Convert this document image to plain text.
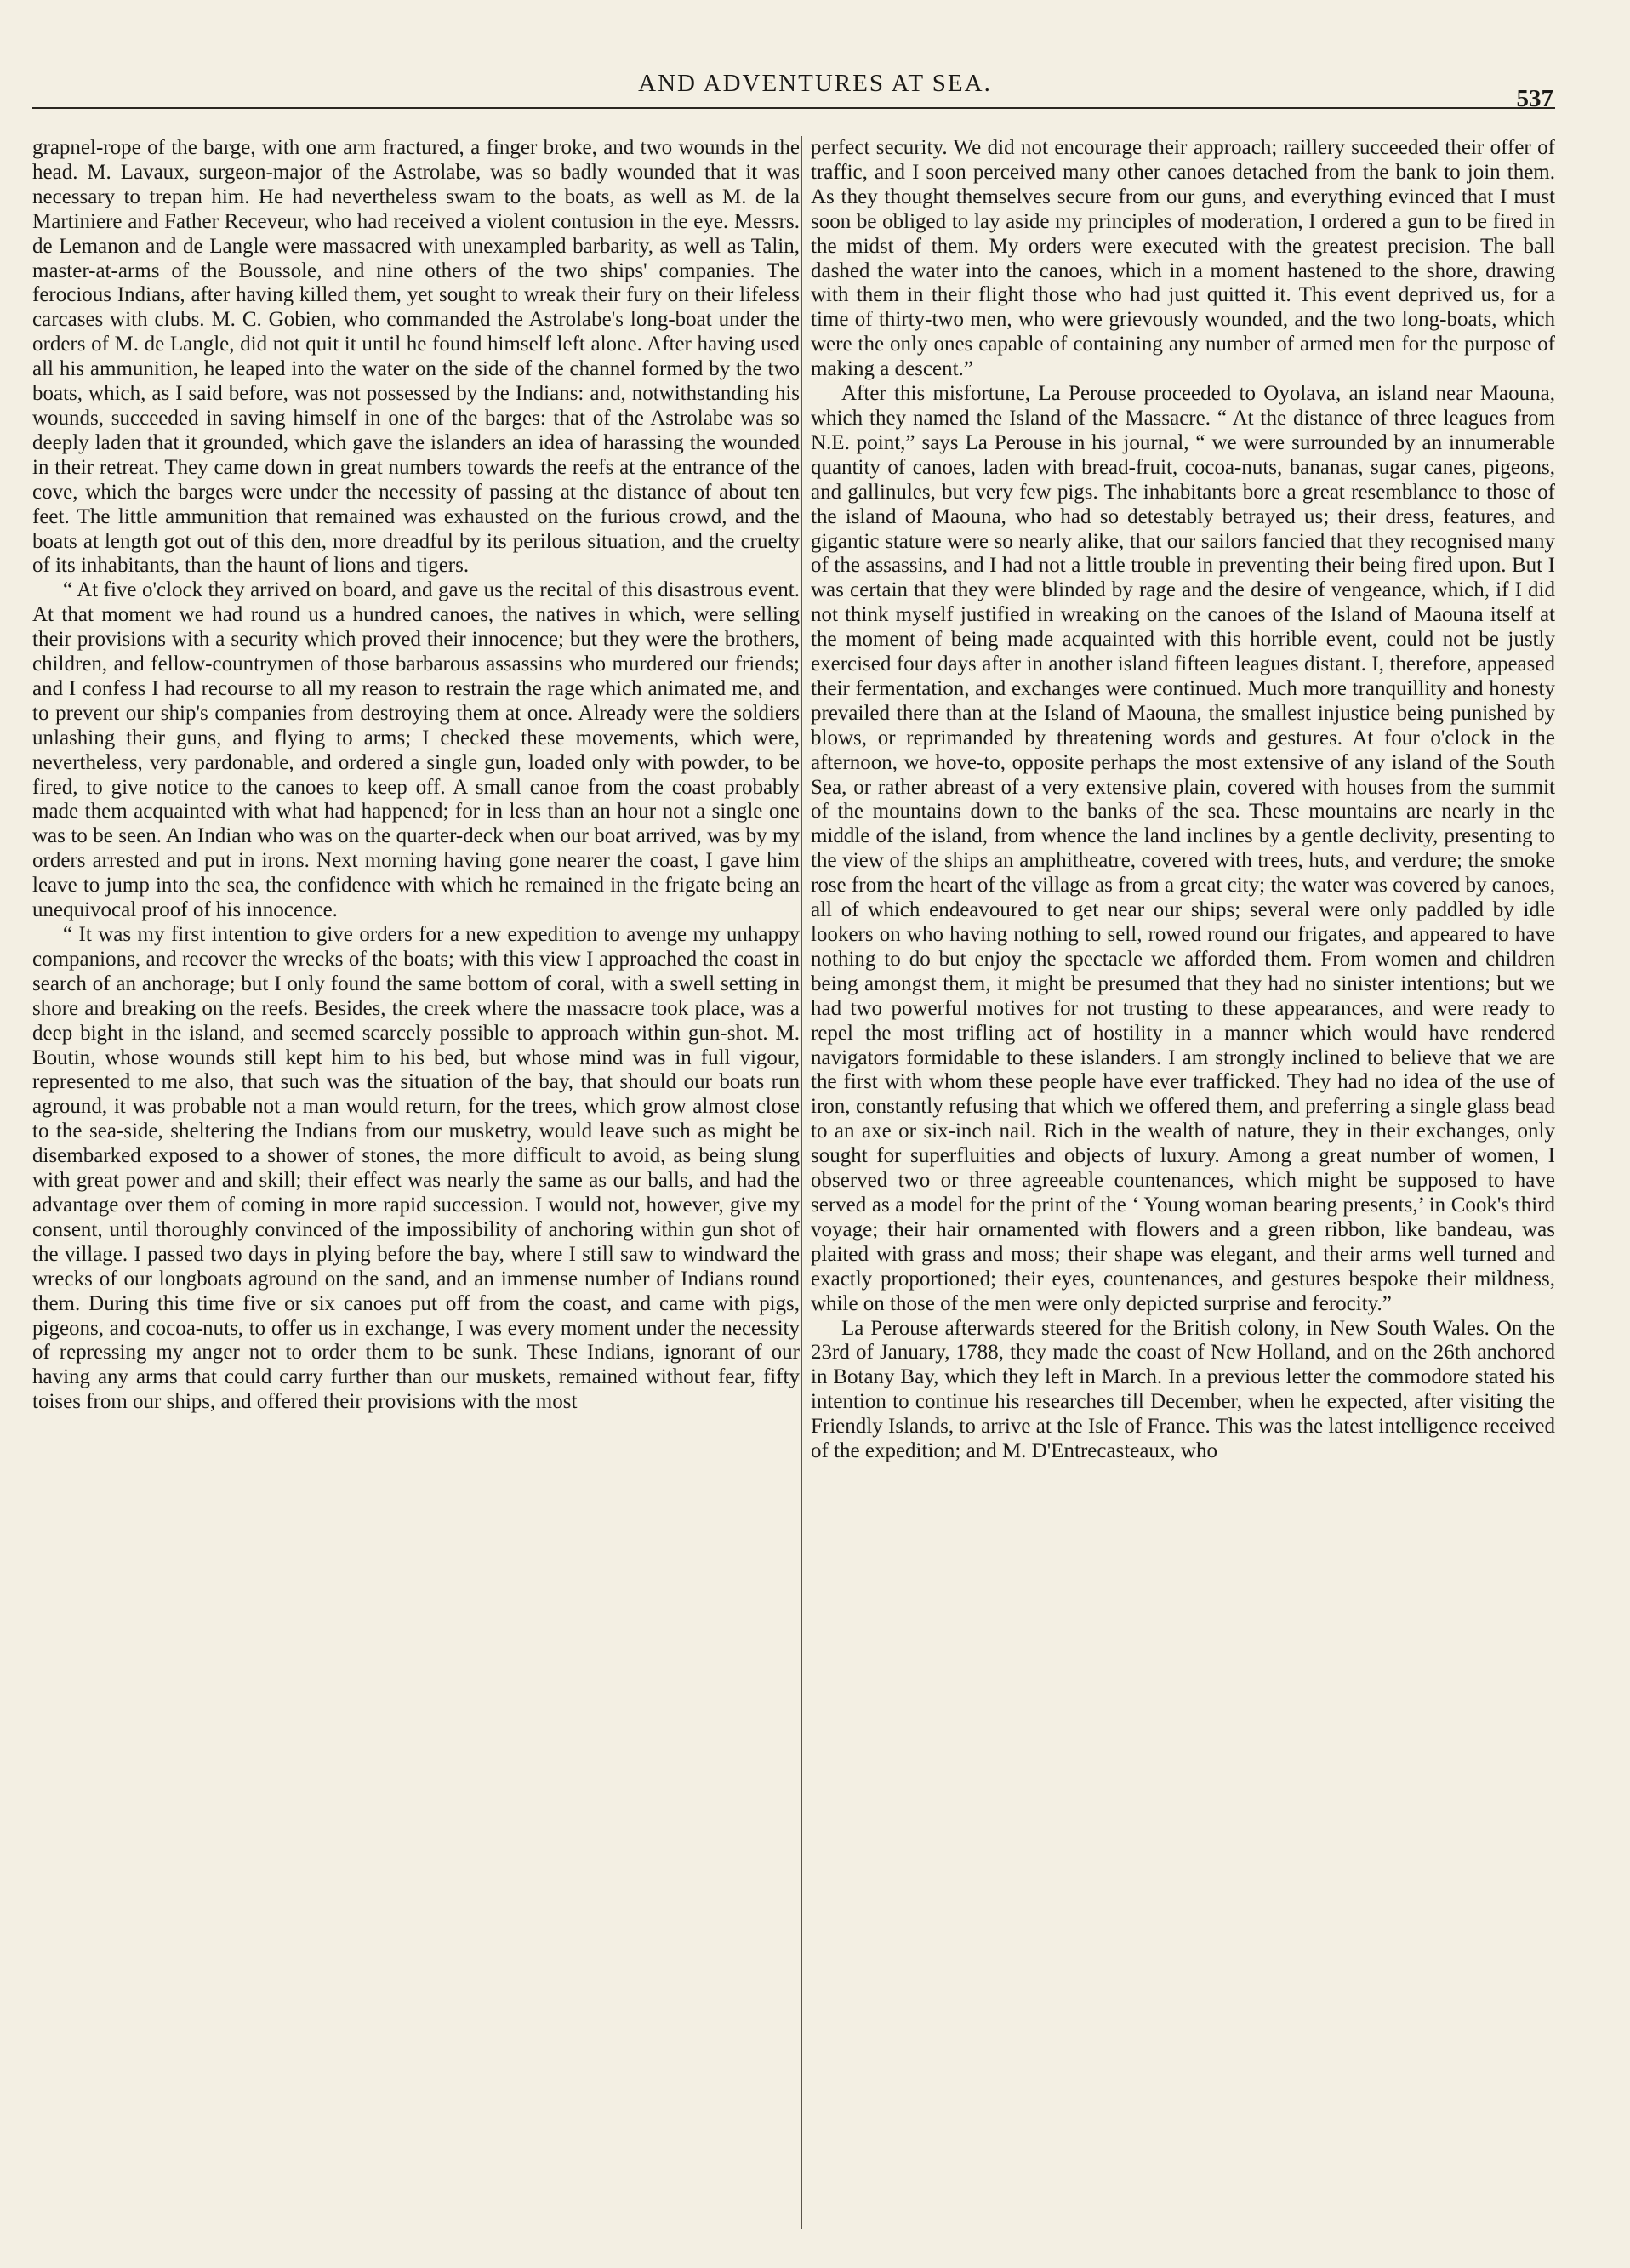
AND ADVENTURES AT SEA.
537

grapnel-rope of the barge, with one arm fractured, a finger broke, and two wounds in the head. M. Lavaux, surgeon-major of the Astrolabe, was so badly wounded that it was necessary to trepan him. He had nevertheless swam to the boats, as well as M. de la Martiniere and Father Receveur, who had received a violent contusion in the eye. Messrs. de Lemanon and de Langle were massacred with unexampled barbarity, as well as Talin, master-at-arms of the Boussole, and nine others of the two ships' companies. The ferocious Indians, after having killed them, yet sought to wreak their fury on their lifeless carcases with clubs. M. C. Gobien, who commanded the Astrolabe's long-boat under the orders of M. de Langle, did not quit it until he found himself left alone. After having used all his ammunition, he leaped into the water on the side of the channel formed by the two boats, which, as I said before, was not possessed by the Indians: and, notwithstanding his wounds, succeeded in saving himself in one of the barges: that of the Astrolabe was so deeply laden that it grounded, which gave the islanders an idea of harassing the wounded in their retreat. They came down in great numbers towards the reefs at the entrance of the cove, which the barges were under the necessity of passing at the distance of about ten feet. The little ammunition that remained was exhausted on the furious crowd, and the boats at length got out of this den, more dreadful by its perilous situation, and the cruelty of its inhabitants, than the haunt of lions and tigers.

“ At five o'clock they arrived on board, and gave us the recital of this disastrous event. At that moment we had round us a hundred canoes, the natives in which, were selling their provisions with a security which proved their innocence; but they were the brothers, children, and fellow-countrymen of those barbarous assassins who murdered our friends; and I confess I had recourse to all my reason to restrain the rage which animated me, and to prevent our ship's companies from destroying them at once. Already were the soldiers unlashing their guns, and flying to arms; I checked these movements, which were, nevertheless, very pardonable, and ordered a single gun, loaded only with powder, to be fired, to give notice to the canoes to keep off. A small canoe from the coast probably made them acquainted with what had happened; for in less than an hour not a single one was to be seen. An Indian who was on the quarter-deck when our boat arrived, was by my orders arrested and put in irons. Next morning having gone nearer the coast, I gave him leave to jump into the sea, the confidence with which he remained in the frigate being an unequivocal proof of his innocence.

“ It was my first intention to give orders for a new expedition to avenge my unhappy companions, and recover the wrecks of the boats; with this view I approached the coast in search of an anchorage; but I only found the same bottom of coral, with a swell setting in shore and breaking on the reefs. Besides, the creek where the massacre took place, was a deep bight in the island, and seemed scarcely possible to approach within gun-shot. M. Boutin, whose wounds still kept him to his bed, but whose mind was in full vigour, represented to me also, that such was the situation of the bay, that should our boats run aground, it was probable not a man would return, for the trees, which grow almost close to the sea-side, sheltering the Indians from our musketry, would leave such as might be disembarked exposed to a shower of stones, the more difficult to avoid, as being slung with great power and and skill; their effect was nearly the same as our balls, and had the advantage over them of coming in more rapid succession. I would not, however, give my consent, until thoroughly convinced of the impossibility of anchoring within gun shot of the village. I passed two days in plying before the bay, where I still saw to windward the wrecks of our longboats aground on the sand, and an immense number of Indians round them. During this time five or six canoes put off from the coast, and came with pigs, pigeons, and cocoa-nuts, to offer us in exchange, I was every moment under the necessity of repressing my anger not to order them to be sunk. These Indians, ignorant of our having any arms that could carry further than our muskets, remained without fear, fifty toises from our ships, and offered their provisions with the most

perfect security. We did not encourage their approach; raillery succeeded their offer of traffic, and I soon perceived many other canoes detached from the bank to join them. As they thought themselves secure from our guns, and everything evinced that I must soon be obliged to lay aside my principles of moderation, I ordered a gun to be fired in the midst of them. My orders were executed with the greatest precision. The ball dashed the water into the canoes, which in a moment hastened to the shore, drawing with them in their flight those who had just quitted it. This event deprived us, for a time of thirty-two men, who were grievously wounded, and the two long-boats, which were the only ones capable of containing any number of armed men for the purpose of making a descent.”

After this misfortune, La Perouse proceeded to Oyolava, an island near Maouna, which they named the Island of the Massacre. “ At the distance of three leagues from N.E. point,” says La Perouse in his journal, “ we were surrounded by an innumerable quantity of canoes, laden with bread-fruit, cocoa-nuts, bananas, sugar canes, pigeons, and gallinules, but very few pigs. The inhabitants bore a great resemblance to those of the island of Maouna, who had so detestably betrayed us; their dress, features, and gigantic stature were so nearly alike, that our sailors fancied that they recognised many of the assassins, and I had not a little trouble in preventing their being fired upon. But I was certain that they were blinded by rage and the desire of vengeance, which, if I did not think myself justified in wreaking on the canoes of the Island of Maouna itself at the moment of being made acquainted with this horrible event, could not be justly exercised four days after in another island fifteen leagues distant. I, therefore, appeased their fermentation, and exchanges were continued. Much more tranquillity and honesty prevailed there than at the Island of Maouna, the smallest injustice being punished by blows, or reprimanded by threatening words and gestures. At four o'clock in the afternoon, we hove-to, opposite perhaps the most extensive of any island of the South Sea, or rather abreast of a very extensive plain, covered with houses from the summit of the mountains down to the banks of the sea. These mountains are nearly in the middle of the island, from whence the land inclines by a gentle declivity, presenting to the view of the ships an amphitheatre, covered with trees, huts, and verdure; the smoke rose from the heart of the village as from a great city; the water was covered by canoes, all of which endeavoured to get near our ships; several were only paddled by idle lookers on who having nothing to sell, rowed round our frigates, and appeared to have nothing to do but enjoy the spectacle we afforded them. From women and children being amongst them, it might be presumed that they had no sinister intentions; but we had two powerful motives for not trusting to these appearances, and were ready to repel the most trifling act of hostility in a manner which would have rendered navigators formidable to these islanders. I am strongly inclined to believe that we are the first with whom these people have ever trafficked. They had no idea of the use of iron, constantly refusing that which we offered them, and preferring a single glass bead to an axe or six-inch nail. Rich in the wealth of nature, they in their exchanges, only sought for superfluities and objects of luxury. Among a great number of women, I observed two or three agreeable countenances, which might be supposed to have served as a model for the print of the ‘ Young woman bearing presents,’ in Cook's third voyage; their hair ornamented with flowers and a green ribbon, like bandeau, was plaited with grass and moss; their shape was elegant, and their arms well turned and exactly proportioned; their eyes, countenances, and gestures bespoke their mildness, while on those of the men were only depicted surprise and ferocity.”

La Perouse afterwards steered for the British colony, in New South Wales. On the 23rd of January, 1788, they made the coast of New Holland, and on the 26th anchored in Botany Bay, which they left in March. In a previous letter the commodore stated his intention to continue his researches till December, when he expected, after visiting the Friendly Islands, to arrive at the Isle of France. This was the latest intelligence received of the expedition; and M. D'Entrecasteaux, who
